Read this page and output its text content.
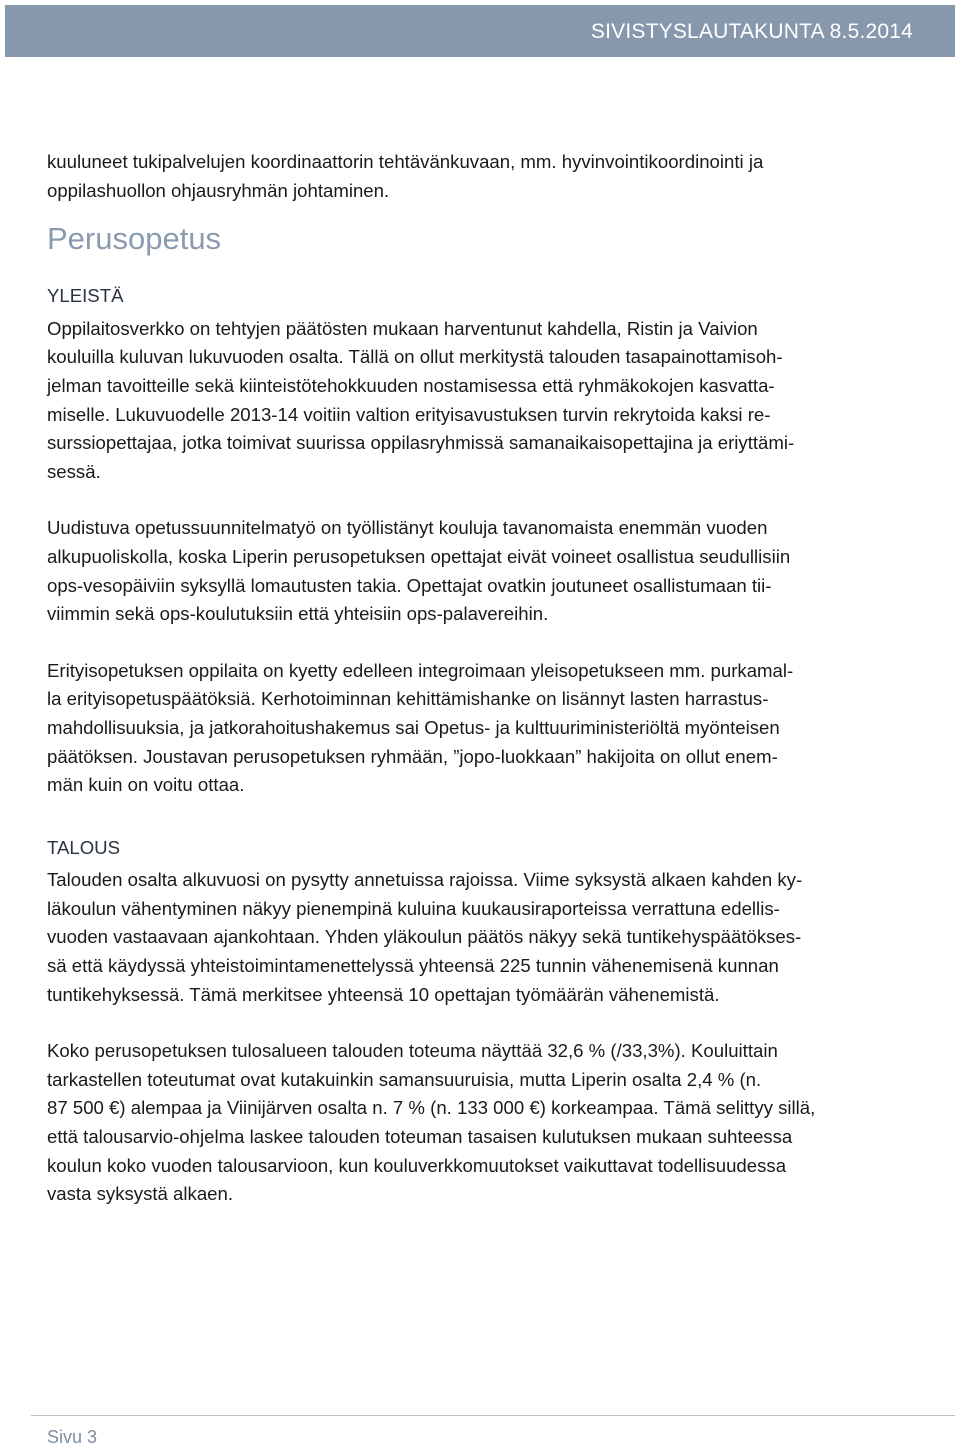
SIVISTYSLAUTAKUNTA 8.5.2014

kuuluneet tukipalvelujen koordinaattorin tehtävänkuvaan, mm. hyvinvointikoordinointi ja
oppilashuollon ohjausryhmän johtaminen.

Perusopetus

YLEISTÄ

Oppilaitosverkko on tehtyjen päätösten mukaan harventunut kahdella, Ristin ja Vaivion
kouluilla kuluvan lukuvuoden osalta. Tällä on ollut merkitystä talouden tasapainottamisoh-
jelman tavoitteille sekä kiinteistötehokkuuden nostamisessa että ryhmäkokojen kasvatta-
miselle. Lukuvuodelle 2013-14 voitiin valtion erityisavustuksen turvin rekrytoida kaksi re-
surssiopettajaa, jotka toimivat suurissa oppilasryhmissä samanaikaisopettajina ja eriyttämi-
sessä.

Uudistuva opetussuunnitelmatyö on työllistänyt kouluja tavanomaista enemmän vuoden
alkupuoliskolla, koska Liperin perusopetuksen opettajat eivät voineet osallistua seudullisiin
ops-vesopäiviin syksyllä lomautusten takia. Opettajat ovatkin joutuneet osallistumaan tii-
viimmin sekä ops-koulutuksiin että yhteisiin ops-palavereihin.

Erityisopetuksen oppilaita on kyetty edelleen integroimaan yleisopetukseen mm. purkamal-
la erityisopetuspäätöksiä. Kerhotoiminnan kehittämishanke on lisännyt lasten harrastus-
mahdollisuuksia, ja jatkorahoitushakemus sai Opetus- ja kulttuuriministeriöltä myönteisen
päätöksen. Joustavan perusopetuksen ryhmään, ”jopo-luokkaan” hakijoita on ollut enem-
män kuin on voitu ottaa.

TALOUS

Talouden osalta alkuvuosi on pysytty annetuissa rajoissa. Viime syksystä alkaen kahden ky-
läkoulun vähentyminen näkyy pienempinä kuluina kuukausiraporteissa verrattuna edellis-
vuoden vastaavaan ajankohtaan. Yhden yläkoulun päätös näkyy sekä tuntikehyspäätökses-
sä että käydyssä yhteistoimintamenettelyssä yhteensä 225 tunnin vähenemisenä kunnan
tuntikehyksessä. Tämä merkitsee yhteensä 10 opettajan työmäärän vähenemistä.

Koko perusopetuksen tulosalueen talouden toteuma näyttää 32,6 % (/33,3%). Kouluittain
tarkastellen toteutumat ovat kutakuinkin samansuuruisia, mutta Liperin osalta 2,4 % (n.
87 500 €) alempaa ja Viinijärven osalta n. 7 % (n. 133 000 €) korkeampaa. Tämä selittyy sillä,
että talousarvio-ohjelma laskee talouden toteuman tasaisen kulutuksen mukaan suhteessa
koulun koko vuoden talousarvioon, kun kouluverkkomuutokset vaikuttavat todellisuudessa
vasta syksystä alkaen.

Sivu 3
